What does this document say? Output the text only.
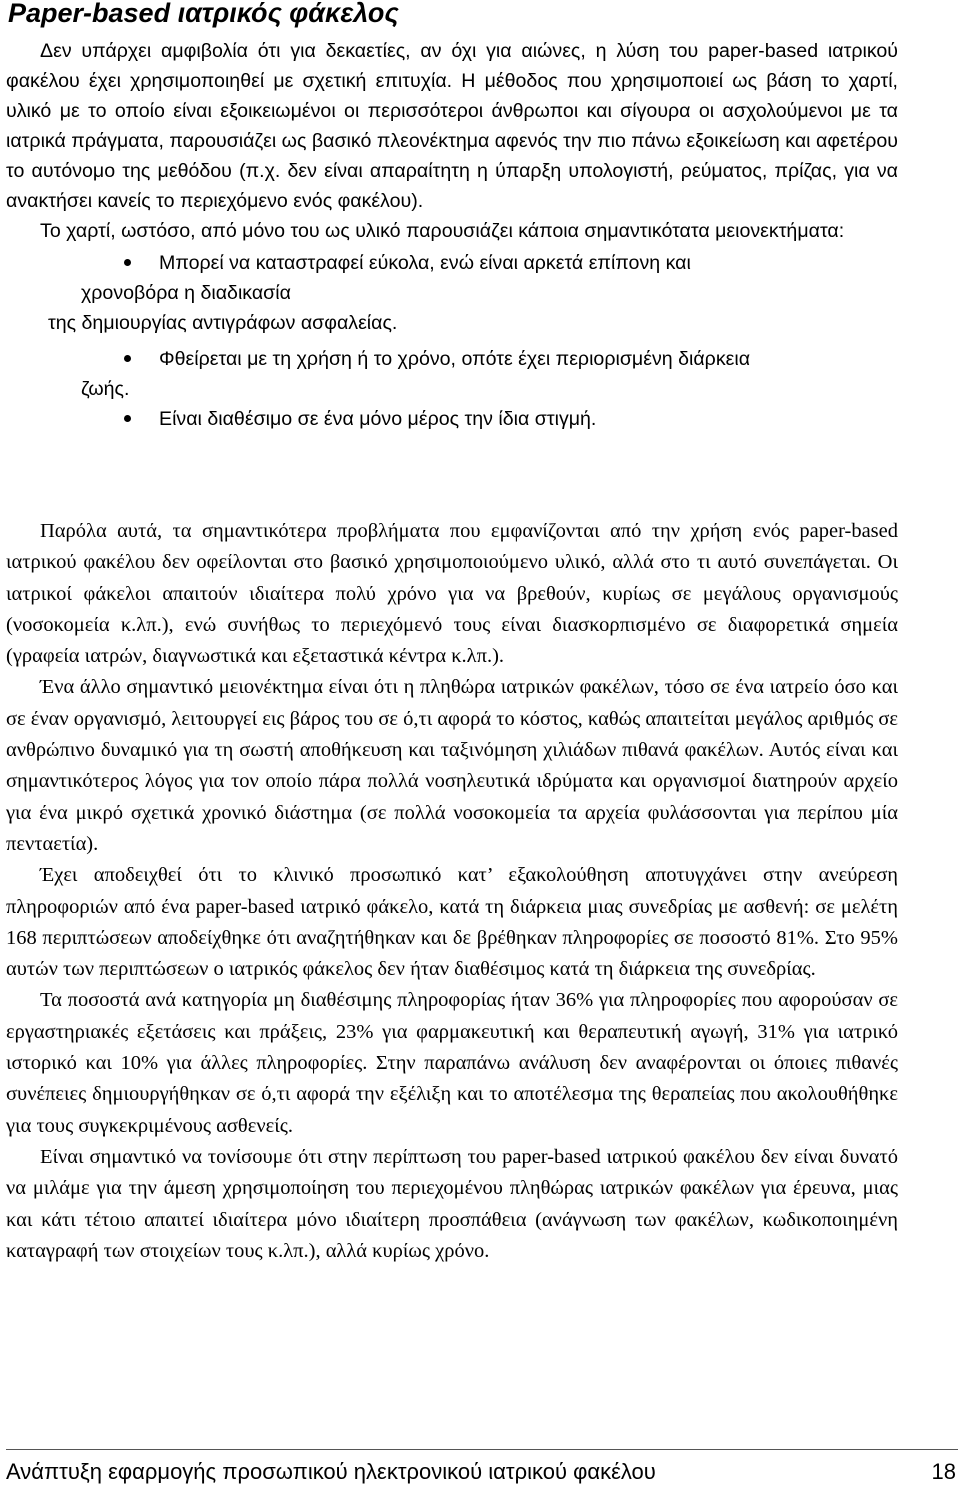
Paper-based ιατρικός φάκελος

Δεν υπάρχει αμφιβολία ότι για δεκαετίες, αν όχι για αιώνες, η λύση του paper-based ιατρικού φακέλου έχει χρησιμοποιηθεί με σχετική επιτυχία. Η μέθοδος που χρησιμοποιεί ως βάση το χαρτί, υλικό με το οποίο είναι εξοικειωμένοι οι περισσότεροι άνθρωποι και σίγουρα οι ασχολούμενοι με τα ιατρικά πράγματα, παρουσιάζει ως βασικό πλεονέκτημα αφενός την πιο πάνω εξοικείωση και αφετέρου το αυτόνομο της μεθόδου (π.χ. δεν είναι απαραίτητη η ύπαρξη υπολογιστή, ρεύματος, πρίζας, για να ανακτήσει κανείς το περιεχόμενο ενός φακέλου).

Το χαρτί, ωστόσο, από μόνο του ως υλικό παρουσιάζει κάποια σημαντικότατα μειονεκτήματα:

Μπορεί να καταστραφεί εύκολα, ενώ είναι αρκετά επίπονη και
χρονοβόρα η διαδικασία

της δημιουργίας αντιγράφων ασφαλείας.

Φθείρεται με τη χρήση ή το χρόνο, οπότε έχει περιορισμένη διάρκεια
ζωής.
Είναι διαθέσιμο σε ένα μόνο μέρος την ίδια στιγμή.

Παρόλα αυτά, τα σημαντικότερα προβλήματα που εμφανίζονται από την χρήση ενός paper-based ιατρικού φακέλου δεν οφείλονται στο βασικό χρησιμοποιούμενο υλικό, αλλά στο τι αυτό συνεπάγεται. Οι ιατρικοί φάκελοι απαιτούν ιδιαίτερα πολύ χρόνο για να βρεθούν, κυρίως σε μεγάλους οργανισμούς (νοσοκομεία κ.λπ.), ενώ συνήθως το περιεχόμενό τους είναι διασκορπισμένο σε διαφορετικά σημεία (γραφεία ιατρών, διαγνωστικά και εξεταστικά κέντρα κ.λπ.).

Ένα άλλο σημαντικό μειονέκτημα είναι ότι η πληθώρα ιατρικών φακέλων, τόσο σε ένα ιατρείο όσο και σε έναν οργανισμό, λειτουργεί εις βάρος του σε ό,τι αφορά το κόστος, καθώς απαιτείται μεγάλος αριθμός σε ανθρώπινο δυναμικό για τη σωστή αποθήκευση και ταξινόμηση χιλιάδων πιθανά φακέλων. Αυτός είναι και σημαντικότερος λόγος για τον οποίο πάρα πολλά νοσηλευτικά ιδρύματα και οργανισμοί διατηρούν αρχείο για ένα μικρό σχετικά χρονικό διάστημα (σε πολλά νοσοκομεία τα αρχεία φυλάσσονται για περίπου μία πενταετία).

Έχει αποδειχθεί ότι το κλινικό προσωπικό κατ’ εξακολούθηση αποτυγχάνει στην ανεύρεση πληροφοριών από ένα paper-based ιατρικό φάκελο, κατά τη διάρκεια μιας συνεδρίας με ασθενή: σε μελέτη 168 περιπτώσεων αποδείχθηκε ότι αναζητήθηκαν και δε βρέθηκαν πληροφορίες σε ποσοστό 81%. Στο 95% αυτών των περιπτώσεων ο ιατρικός φάκελος δεν ήταν διαθέσιμος κατά τη διάρκεια της συνεδρίας.

Τα ποσοστά ανά κατηγορία μη διαθέσιμης πληροφορίας ήταν 36% για πληροφορίες που αφορούσαν σε εργαστηριακές εξετάσεις και πράξεις, 23% για φαρμακευτική και θεραπευτική αγωγή, 31% για ιατρικό ιστορικό και 10% για άλλες πληροφορίες. Στην παραπάνω ανάλυση δεν αναφέρονται οι όποιες πιθανές συνέπειες δημιουργήθηκαν σε ό,τι αφορά την εξέλιξη και το αποτέλεσμα της θεραπείας που ακολουθήθηκε για τους συγκεκριμένους ασθενείς.

Είναι σημαντικό να τονίσουμε ότι στην περίπτωση του paper-based ιατρικού φακέλου δεν είναι δυνατό να μιλάμε για την άμεση χρησιμοποίηση του περιεχομένου πληθώρας ιατρικών φακέλων για έρευνα, μιας και κάτι τέτοιο απαιτεί ιδιαίτερα μόνο ιδιαίτερη προσπάθεια (ανάγνωση των φακέλων, κωδικοποιημένη καταγραφή των στοιχείων τους κ.λπ.), αλλά κυρίως χρόνο.

Ανάπτυξη εφαρμογής προσωπικού ηλεκτρονικού ιατρικού φακέλου	18
